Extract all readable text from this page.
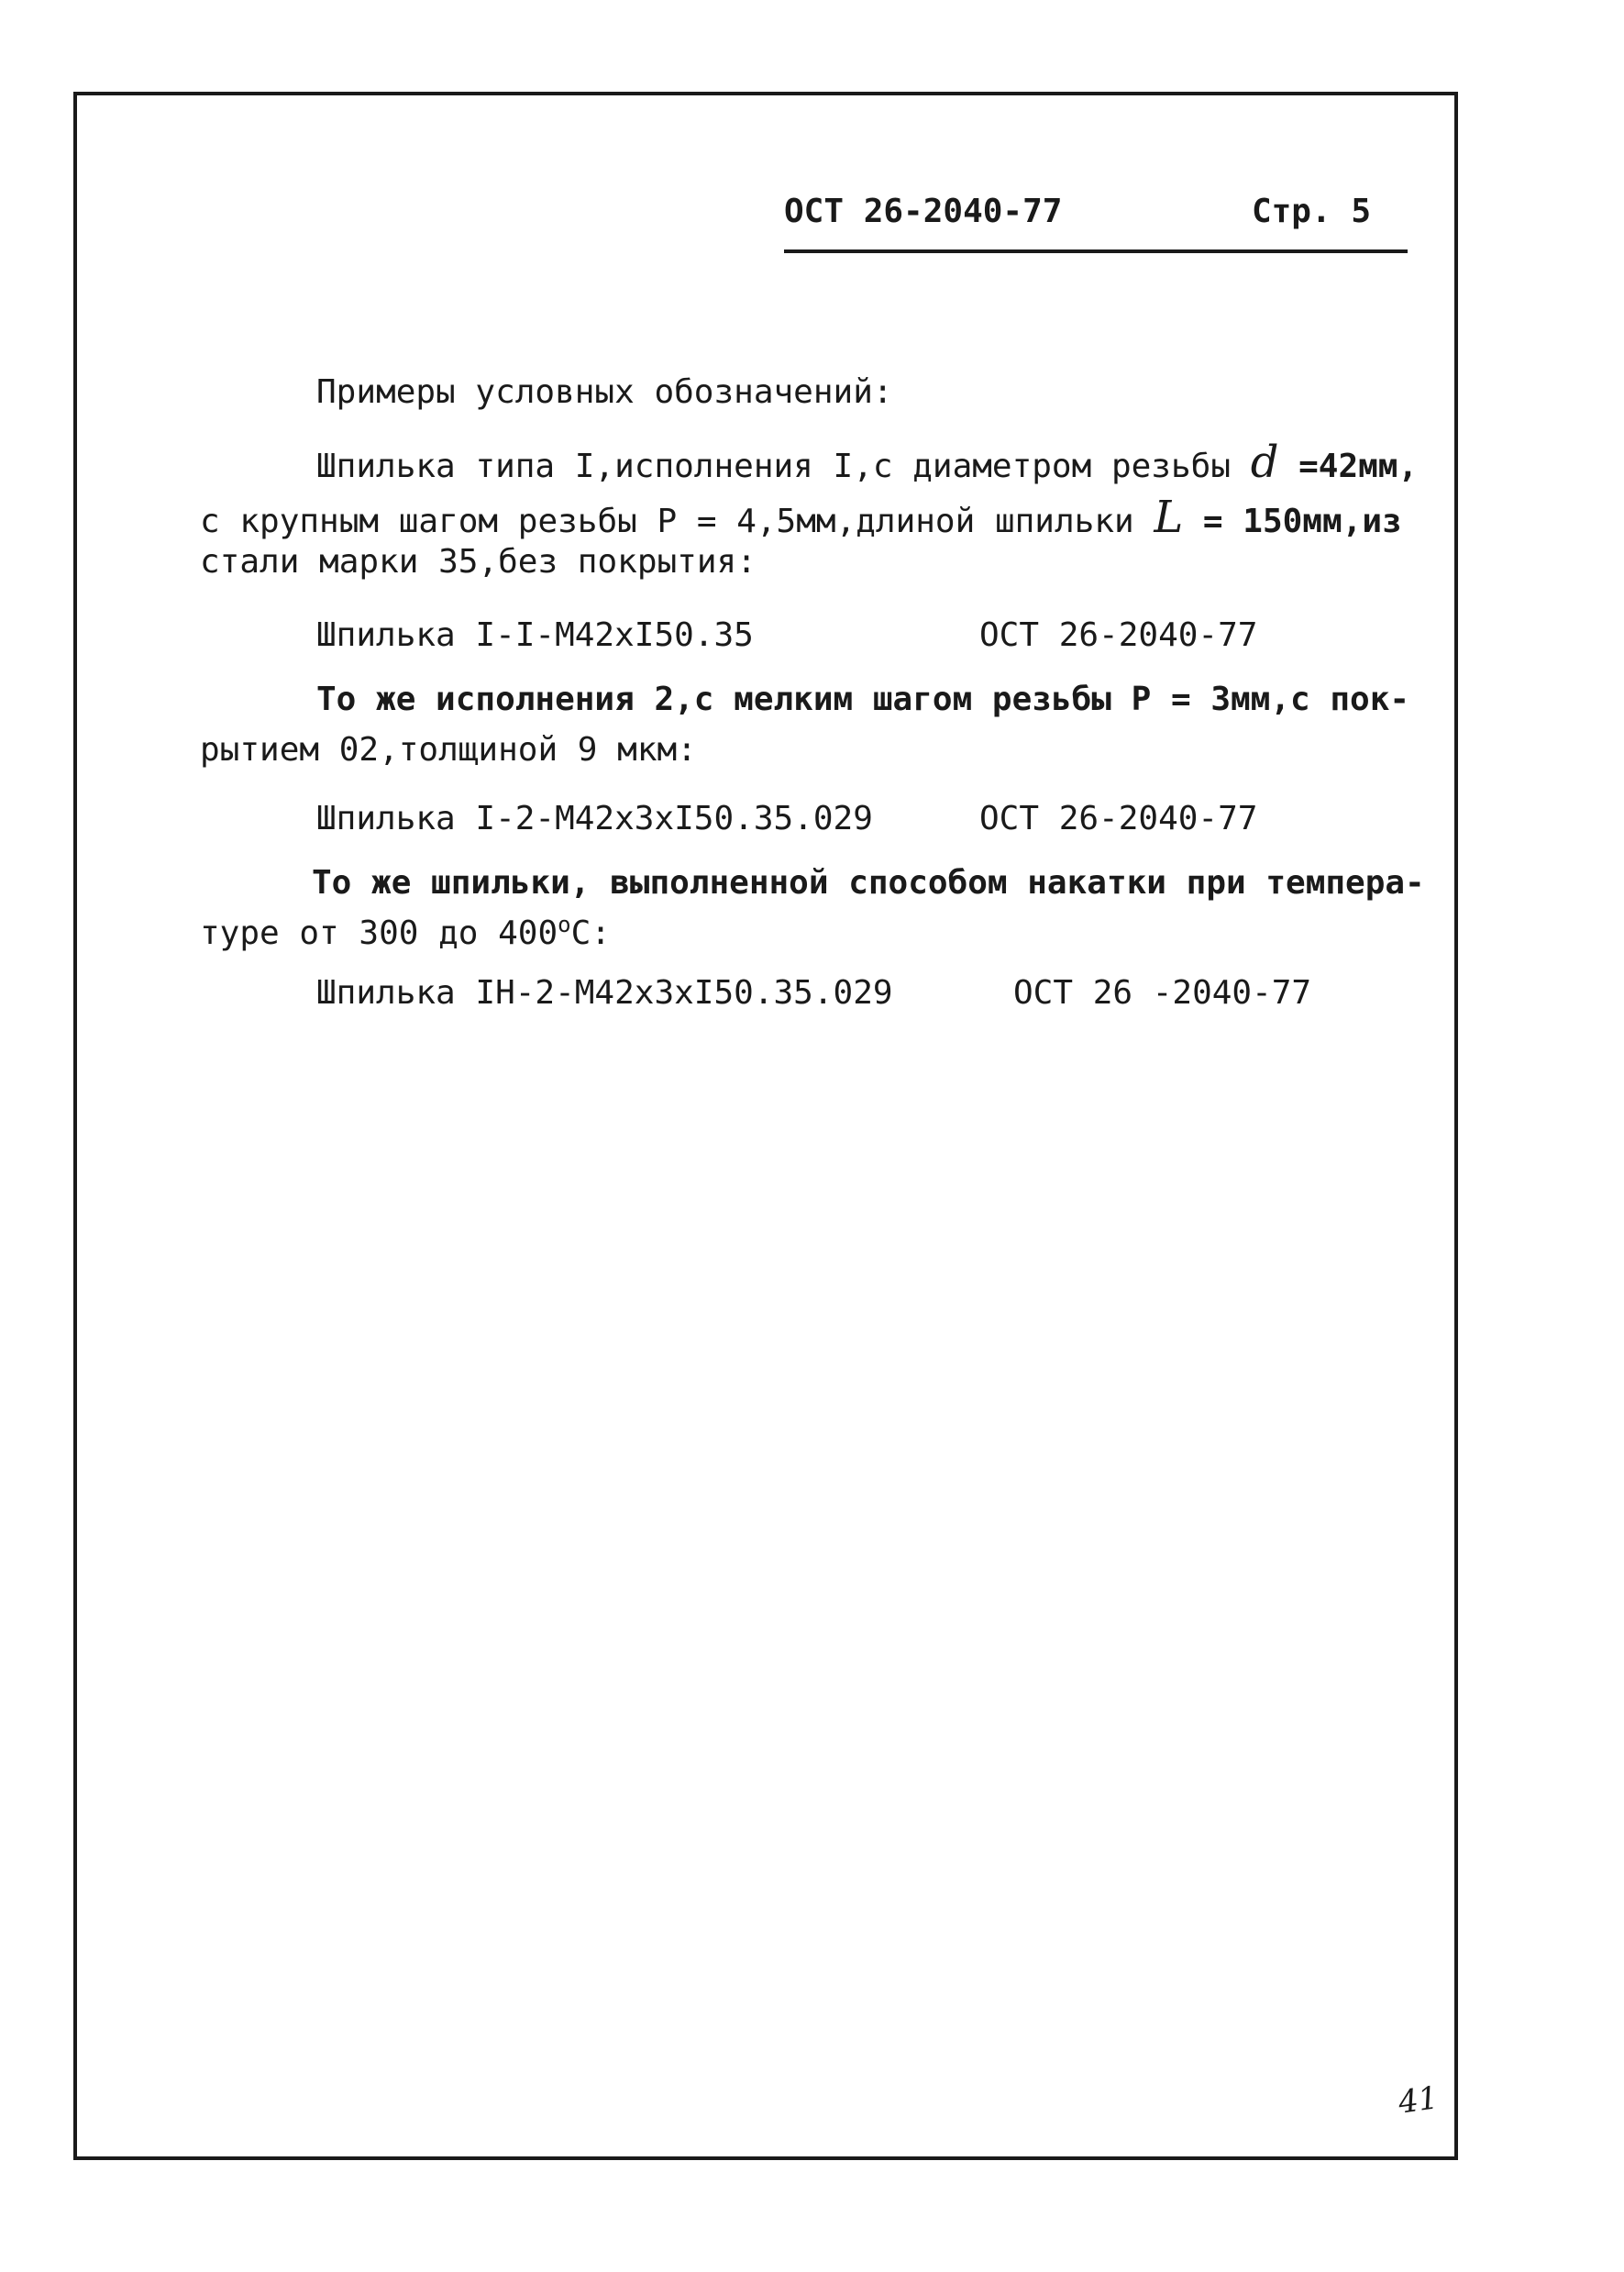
ОСТ 26-2040-77	Стр. 5
Примеры условных обозначений:
Шпилька типа I,исполнения I,с диаметром резьбы d =42мм,
с крупным шагом резьбы Р = 4,5мм,длиной шпильки L = 150мм,из
стали марки 35,без покрытия:
Шпилька I-I-М42хI50.35	ОСТ 26-2040-77
То же исполнения 2,с мелким шагом резьбы Р = 3мм,с пок-
рытием 02,толщиной 9 мкм:
Шпилька I-2-М42х3хI50.35.029	ОСТ 26-2040-77
То же шпильки, выполненной способом накатки при темпера-
туре от 300 до $400^оС$:
Шпилька IН-2-М42х3хI50.35.029	ОСТ 26 -2040-77
41
